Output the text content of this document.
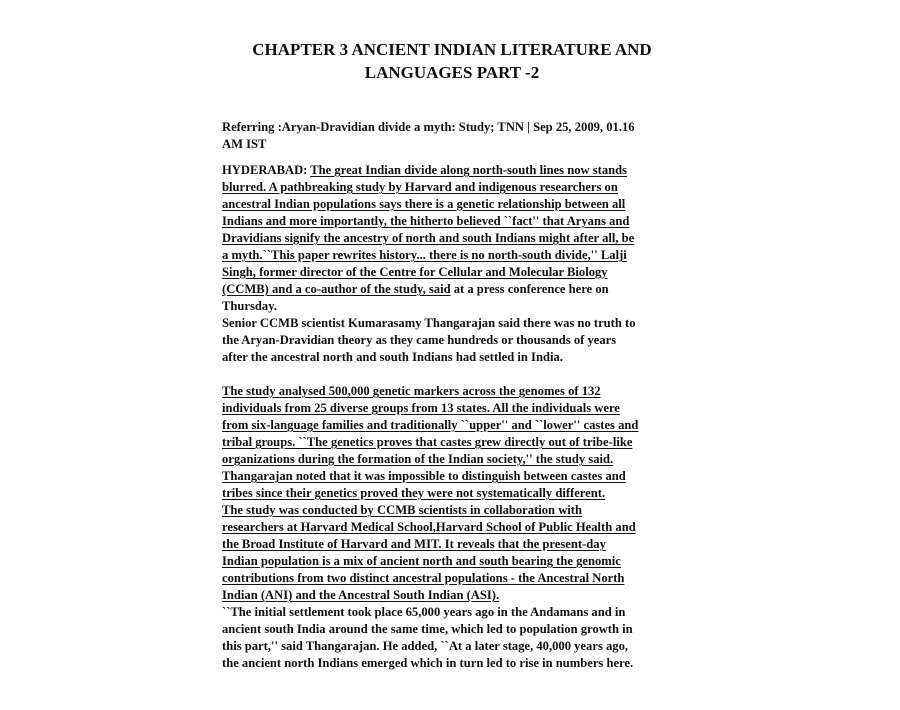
CHAPTER 3 ANCIENT INDIAN LITERATURE AND
LANGUAGES PART -2
Referring :Aryan-Dravidian divide a myth: Study; TNN | Sep 25, 2009, 01.16
AM IST
HYDERABAD: The great Indian divide along north-south lines now stands
blurred. A pathbreaking study by Harvard and indigenous researchers on
ancestral Indian populations says there is a genetic relationship between all
Indians and more importantly, the hitherto believed ``fact'' that Aryans and
Dravidians signify the ancestry of north and south Indians might after all, be
a myth.``This paper rewrites history... there is no north-south divide,'' Lalji
Singh, former director of the Centre for Cellular and Molecular Biology
(CCMB) and a co-author of the study, said at a press conference here on
Thursday.
Senior CCMB scientist Kumarasamy Thangarajan said there was no truth to
the Aryan-Dravidian theory as they came hundreds or thousands of years
after the ancestral north and south Indians had settled in India.
The study analysed 500,000 genetic markers across the genomes of 132
individuals from 25 diverse groups from 13 states. All the individuals were
from six-language families and traditionally ``upper'' and ``lower'' castes and
tribal groups. ``The genetics proves that castes grew directly out of tribe-like
organizations during the formation of the Indian society,'' the study said.
Thangarajan noted that it was impossible to distinguish between castes and
tribes since their genetics proved they were not systematically different.
The study was conducted by CCMB scientists in collaboration with
researchers at Harvard Medical School,Harvard School of Public Health and
the Broad Institute of Harvard and MIT. It reveals that the present-day
Indian population is a mix of ancient north and south bearing the genomic
contributions from two distinct ancestral populations - the Ancestral North
Indian (ANI) and the Ancestral South Indian (ASI).
``The initial settlement took place 65,000 years ago in the Andamans and in
ancient south India around the same time, which led to population growth in
this part,'' said Thangarajan. He added, ``At a later stage, 40,000 years ago,
the ancient north Indians emerged which in turn led to rise in numbers here.
